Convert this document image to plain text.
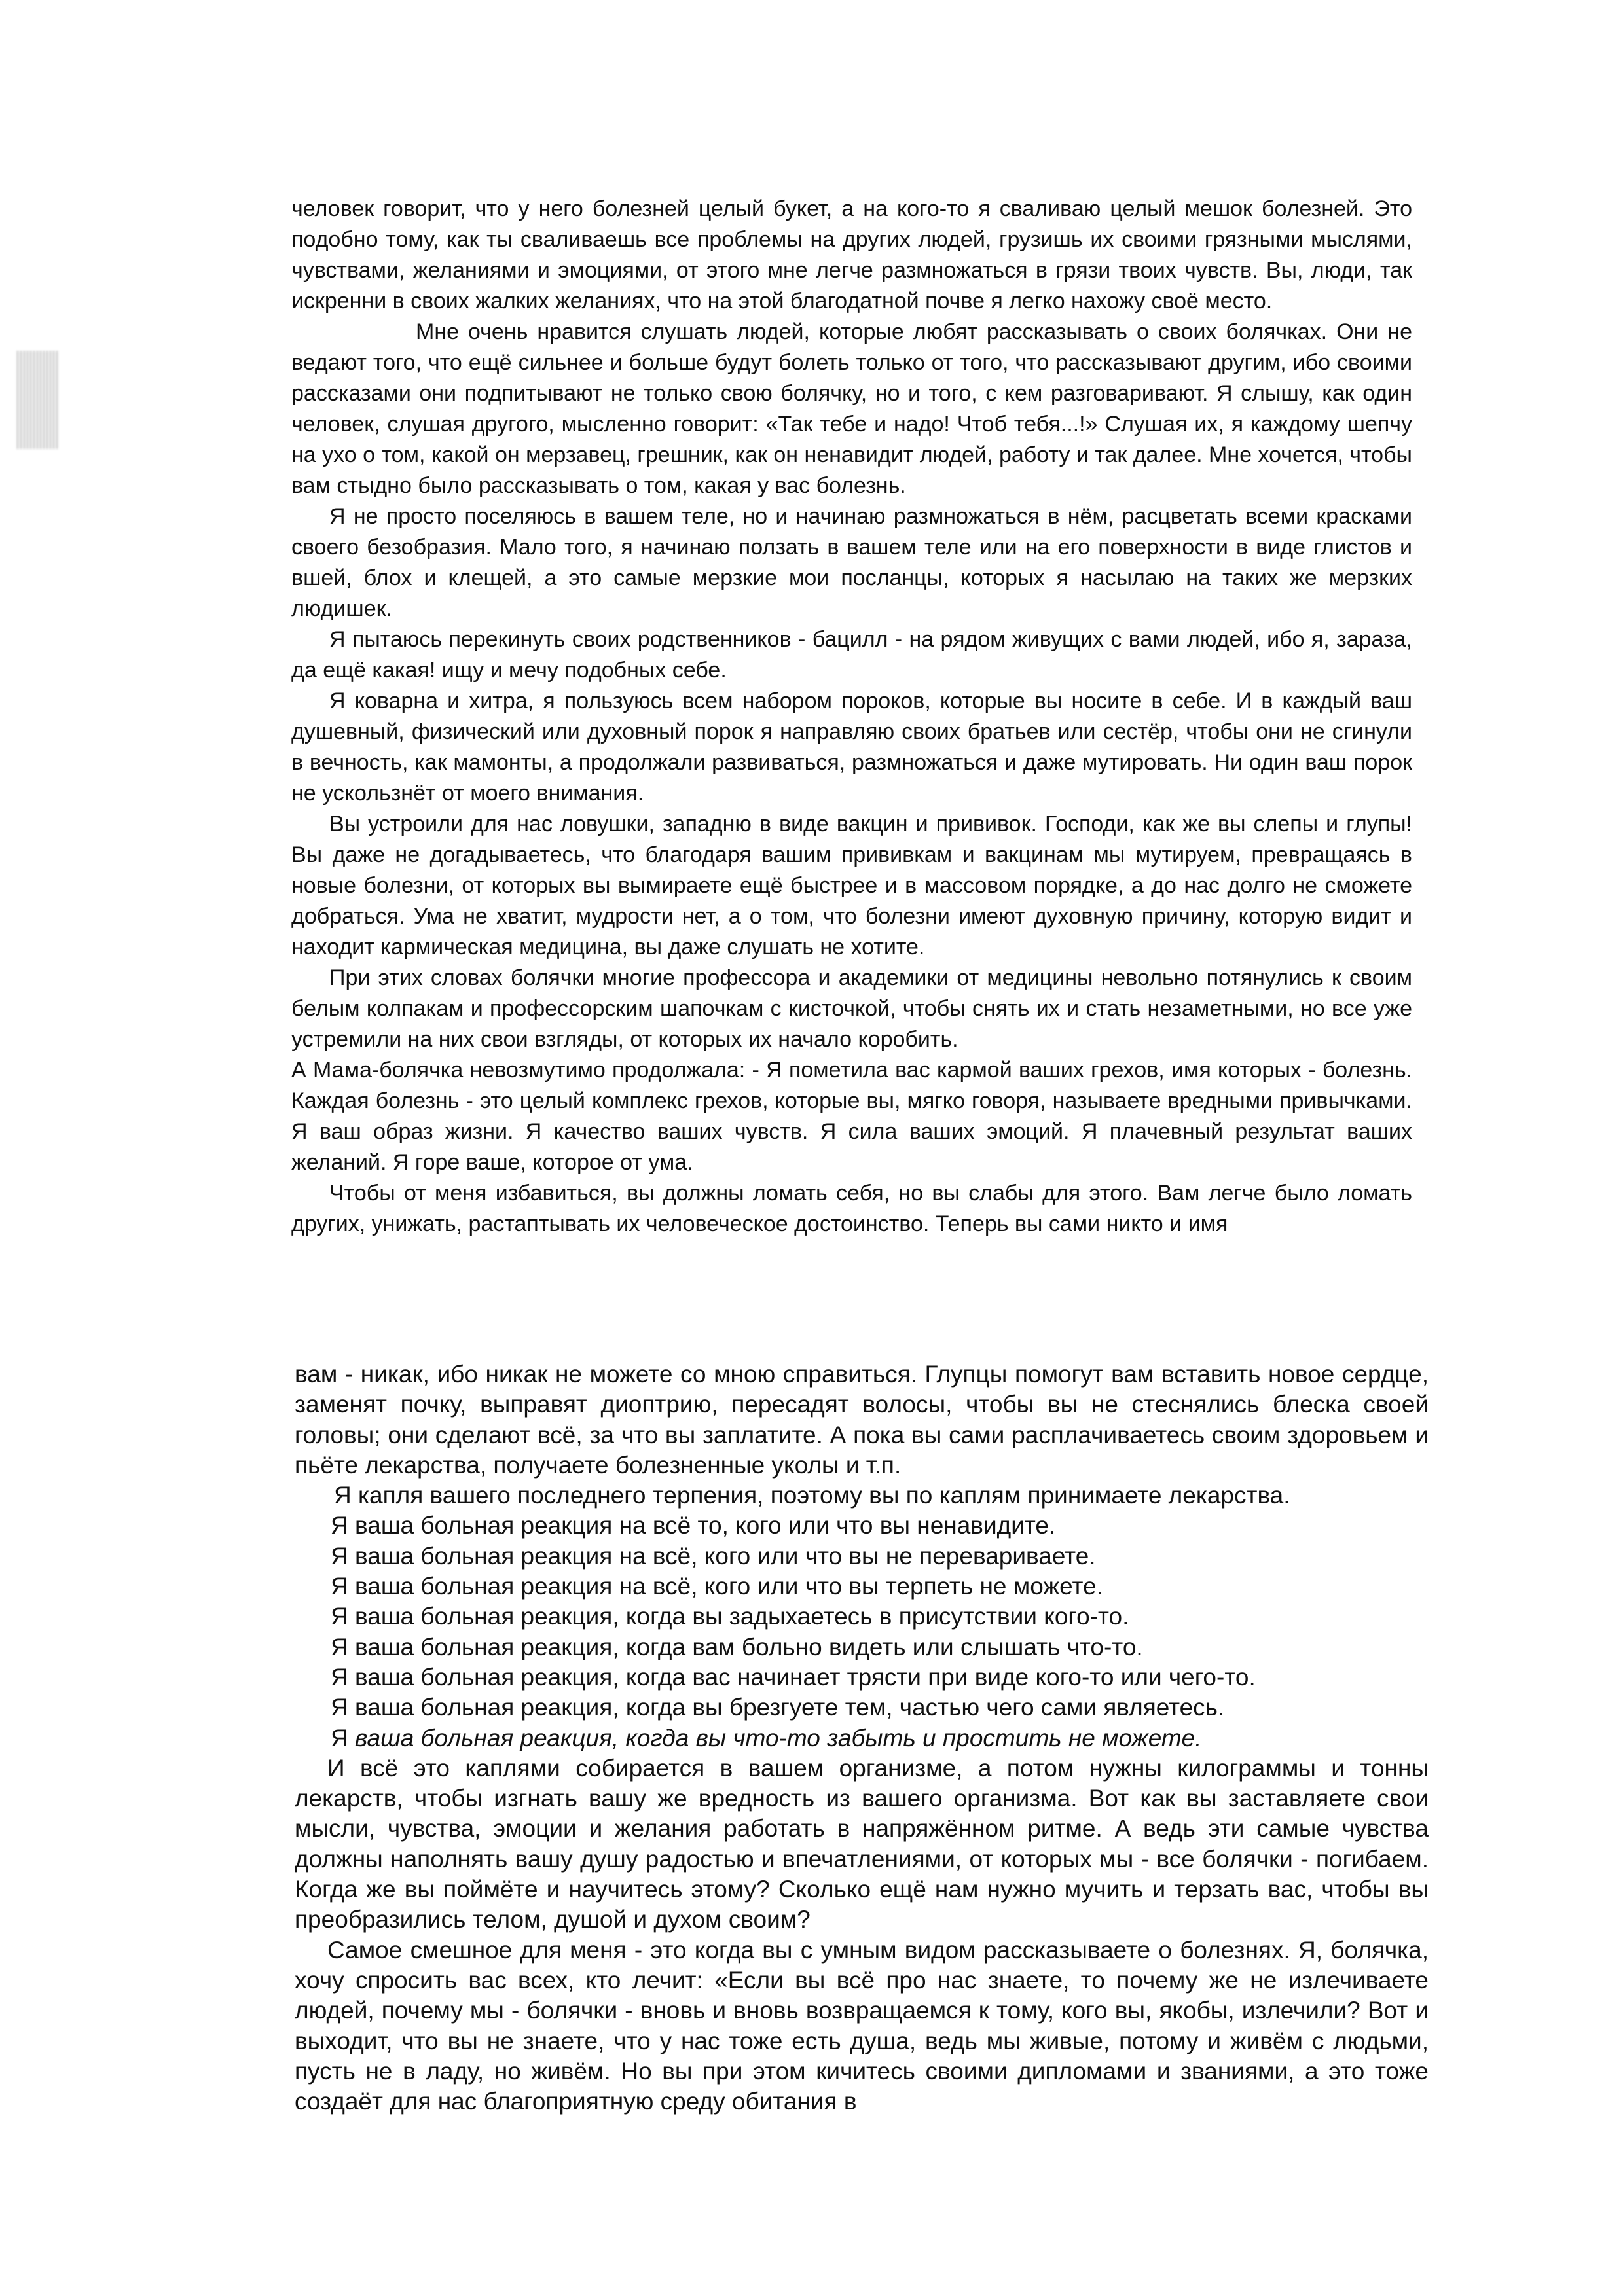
человек говорит, что у него болезней целый букет, а на кого-то я сваливаю целый мешок болезней. Это подобно тому, как ты сваливаешь все проблемы на других людей, грузишь их своими грязными мыслями, чувствами, желаниями и эмоциями, от этого мне легче размножаться в грязи твоих чувств. Вы, люди, так искренни в своих жалких желаниях, что на этой благодатной почве я легко нахожу своё место.

Мне очень нравится слушать людей, которые любят рассказывать о своих болячках. Они не ведают того, что ещё сильнее и больше будут болеть только от того, что рассказывают другим, ибо своими рассказами они подпитывают не только свою болячку, но и того, с кем разговаривают. Я слышу, как один человек, слушая другого, мысленно говорит: «Так тебе и надо! Чтоб тебя...!» Слушая их, я каждому шепчу на ухо о том, какой он мерзавец, грешник, как он ненавидит людей, работу и так далее. Мне хочется, чтобы вам стыдно было рассказывать о том, какая у вас болезнь.

Я не просто поселяюсь в вашем теле, но и начинаю размножаться в нём, расцветать всеми красками своего безобразия. Мало того, я начинаю ползать в вашем теле или на его поверхности в виде глистов и вшей, блох и клещей, а это самые мерзкие мои посланцы, которых я насылаю на таких же мерзких людишек.

Я пытаюсь перекинуть своих родственников - бацилл - на рядом живущих с вами людей, ибо я, зараза, да ещё какая! ищу и мечу подобных себе.

Я коварна и хитра, я пользуюсь всем набором пороков, которые вы носите в себе. И в каждый ваш душевный, физический или духовный порок я направляю своих братьев или сестёр, чтобы они не сгинули в вечность, как мамонты, а продолжали развиваться, размножаться и даже мутировать. Ни один ваш порок не ускользнёт от моего внимания.

Вы устроили для нас ловушки, западню в виде вакцин и прививок. Господи, как же вы слепы и глупы! Вы даже не догадываетесь, что благодаря вашим прививкам и вакцинам мы мутируем, превращаясь в новые болезни, от которых вы вымираете ещё быстрее и в массовом порядке, а до нас долго не сможете добраться. Ума не хватит, мудрости нет, а о том, что болезни имеют духовную причину, которую видит и находит кармическая медицина, вы даже слушать не хотите.

При этих словах болячки многие профессора и академики от медицины невольно потянулись к своим белым колпакам и профессорским шапочкам с кисточкой, чтобы снять их и стать незаметными, но все уже устремили на них свои взгляды, от которых их начало коробить.

А Мама-болячка невозмутимо продолжала: - Я пометила вас кармой ваших грехов, имя которых - болезнь. Каждая болезнь - это целый комплекс грехов, которые вы, мягко говоря, называете вредными привычками. Я ваш образ жизни. Я качество ваших чувств. Я сила ваших эмоций. Я плачевный результат ваших желаний. Я горе ваше, которое от ума.

Чтобы от меня избавиться, вы должны ломать себя, но вы слабы для этого. Вам легче было ломать других, унижать, растаптывать их человеческое достоинство. Теперь вы сами никто и имя

вам - никак, ибо никак не можете со мною справиться. Глупцы помогут вам вставить новое сердце, заменят почку, выправят диоптрию, пересадят волосы, чтобы вы не стеснялись блеска своей головы; они сделают всё, за что вы заплатите. А пока вы сами расплачиваетесь своим здоровьем и пьёте лекарства, получаете болезненные уколы и т.п.

Я капля вашего последнего терпения, поэтому вы по каплям принимаете лекарства.

Я ваша больная реакция на всё то, кого или что вы ненавидите.

Я ваша больная реакция на всё, кого или что вы не перевариваете.

Я ваша больная реакция на всё, кого или что вы терпеть не можете.

Я ваша больная реакция, когда вы задыхаетесь в присутствии кого-то.

Я ваша больная реакция, когда вам больно видеть или слышать что-то.

Я ваша больная реакция, когда вас начинает трясти при виде кого-то или чего-то.

Я ваша больная реакция, когда вы брезгуете тем, частью чего сами являетесь.

Я ваша больная реакция, когда вы что-то забыть и простить не можете.

И всё это каплями собирается в вашем организме, а потом нужны килограммы и тонны лекарств, чтобы изгнать вашу же вредность из вашего организма. Вот как вы заставляете свои мысли, чувства, эмоции и желания работать в напряжённом ритме. А ведь эти самые чувства должны наполнять вашу душу радостью и впечатлениями, от которых мы - все болячки - погибаем. Когда же вы поймёте и научитесь этому? Сколько ещё нам нужно мучить и терзать вас, чтобы вы преобразились телом, душой и духом своим?

Самое смешное для меня - это когда вы с умным видом рассказываете о болезнях. Я, болячка, хочу спросить вас всех, кто лечит: «Если вы всё про нас знаете, то почему же не излечиваете людей, почему мы - болячки - вновь и вновь возвращаемся к тому, кого вы, якобы, излечили? Вот и выходит, что вы не знаете, что у нас тоже есть душа, ведь мы живые, потому и живём с людьми, пусть не в ладу, но живём. Но вы при этом кичитесь своими дипломами и званиями, а это тоже создаёт для нас благоприятную среду обитания в
